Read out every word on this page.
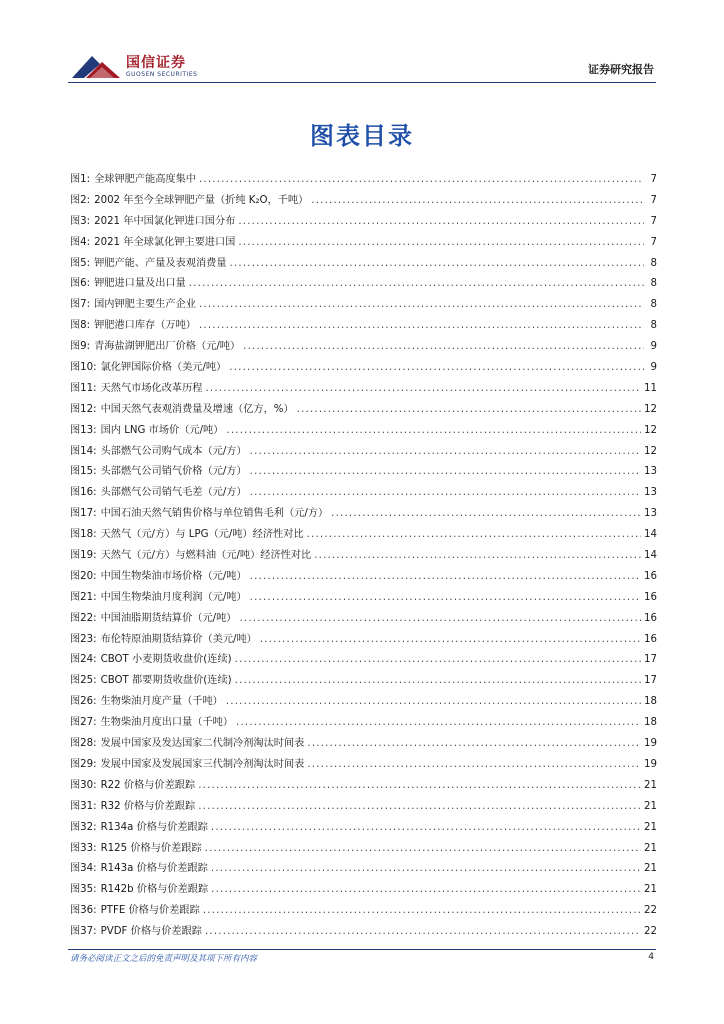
国信证券
GUOSEN SECURITIES	证券研究报告
图表目录
图1: 全球钾肥产能高度集中 .....	7
图2: 2002 年至今全球钾肥产量（折纯 K₂O，千吨） .....	7
图3: 2021 年中国氯化钾进口国分布 .....	7
图4: 2021 年全球氯化钾主要进口国 .....	7
图5: 钾肥产能、产量及表观消费量 .....	8
图6: 钾肥进口量及出口量 .....	8
图7: 国内钾肥主要生产企业 .....	8
图8: 钾肥港口库存（万吨） .....	8
图9: 青海盐湖钾肥出厂价格（元/吨） .....	9
图10: 氯化钾国际价格（美元/吨） .....	9
图11: 天然气市场化改革历程 .....	11
图12: 中国天然气表观消费量及增速（亿方，%） .....	12
图13: 国内 LNG 市场价（元/吨） .....	12
图14: 头部燃气公司购气成本（元/方） .....	12
图15: 头部燃气公司销气价格（元/方） .....	13
图16: 头部燃气公司销气毛差（元/方） .....	13
图17: 中国石油天然气销售价格与单位销售毛利（元/方） .....	13
图18: 天然气（元/方）与 LPG（元/吨）经济性对比 .....	14
图19: 天然气（元/方）与燃料油（元/吨）经济性对比 .....	14
图20: 中国生物柴油市场价格（元/吨） .....	16
图21: 中国生物柴油月度利润（元/吨） .....	16
图22: 中国油脂期货结算价（元/吨） .....	16
图23: 布伦特原油期货结算价（美元/吨） .....	16
图24: CBOT 小麦期货收盘价(连续) .....	17
图25: CBOT 都要期货收盘价(连续) .....	17
图26: 生物柴油月度产量（千吨） .....	18
图27: 生物柴油月度出口量（千吨） .....	18
图28: 发展中国家及发达国家二代制冷剂淘汰时间表 .....	19
图29: 发展中国家及发展国家三代制冷剂淘汰时间表 .....	19
图30: R22 价格与价差跟踪 .....	21
图31: R32 价格与价差跟踪 .....	21
图32: R134a 价格与价差跟踪 .....	21
图33: R125 价格与价差跟踪 .....	21
图34: R143a 价格与价差跟踪 .....	21
图35: R142b 价格与价差跟踪 .....	21
图36: PTFE 价格与价差跟踪 .....	22
图37: PVDF 价格与价差跟踪 .....	22
请务必阅读正文之后的免责声明及其项下所有内容	4
